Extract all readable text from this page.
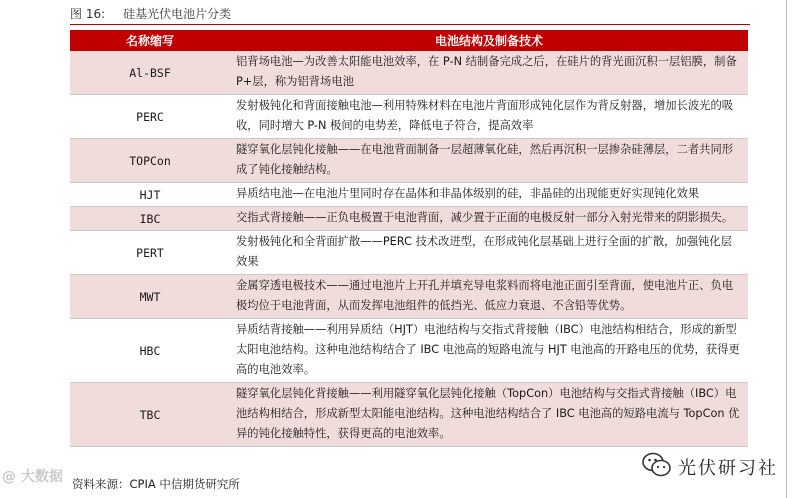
图 16: 硅基光伏电池片分类
名称缩写	电池结构及制备技术
Al-BSF	铝背场电池—为改善太阳能电池效率，在 P-N 结制备完成之后，在硅片的背光面沉积一层铝膜，制备 P+层，称为铝背场电池
PERC	发射极钝化和背面接触电池—利用特殊材料在电池片背面形成钝化层作为背反射器，增加长波光的吸收，同时增大 P-N 极间的电势差，降低电子符合，提高效率
TOPCon	隧穿氧化层钝化接触——在电池背面制备一层超薄氧化硅，然后再沉积一层掺杂硅薄层，二者共同形成了钝化接触结构。
HJT	异质结电池—在电池片里同时存在晶体和非晶体级别的硅，非晶硅的出现能更好实现钝化效果
IBC	交指式背接触——正负电极置于电池背面，减少置于正面的电极反射一部分入射光带来的阴影损失。
PERT	发射极钝化和全背面扩散——PERC 技术改进型，在形成钝化层基础上进行全面的扩散，加强钝化层效果
MWT	金属穿透电极技术——通过电池片上开孔并填充导电浆料而将电池正面引至背面，使电池片正、负电极均位于电池背面，从而发挥电池组件的低挡光、低应力衰退、不含铅等优势。
HBC	异质结背接触——利用异质结（HJT）电池结构与交指式背接触（IBC）电池结构相结合，形成的新型太阳电池结构。这种电池结构结合了 IBC 电池高的短路电流与 HJT 电池高的开路电压的优势，获得更高的电池效率。
TBC	隧穿氧化层钝化背接触——利用隧穿氧化层钝化接触（TopCon）电池结构与交指式背接触（IBC）电池结构相结合，形成新型太阳能电池结构。这种电池结构结合了 IBC 电池高的短路电流与 TopCon 优异的钝化接触特性，获得更高的电池效率。
资料来源：CPIA 中信期货研究所
@ 大数据	光伏研习社
